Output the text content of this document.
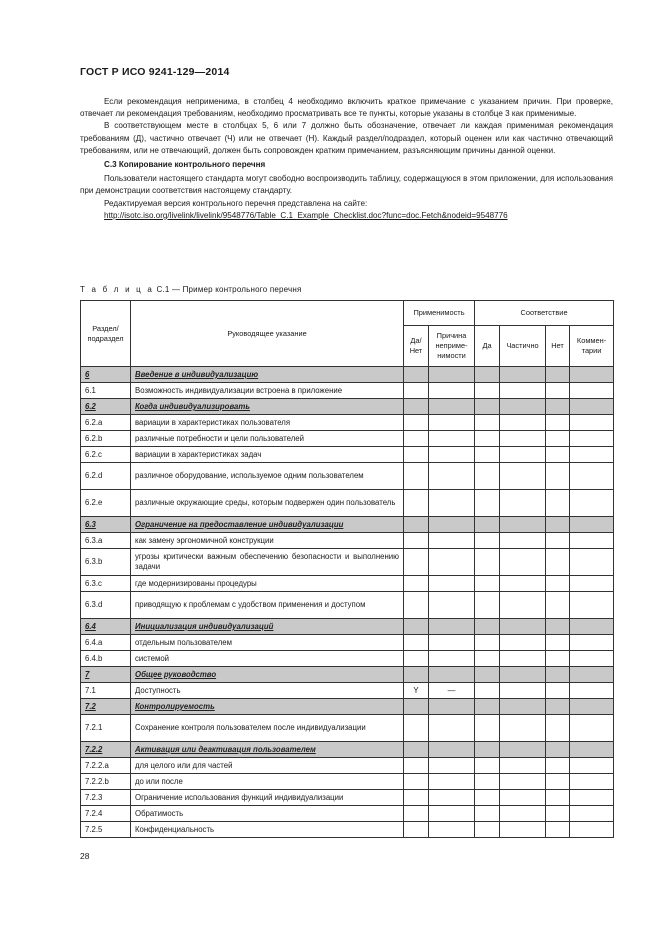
ГОСТ Р ИСО 9241-129—2014

Если рекомендация неприменима, в столбец 4 необходимо включить краткое примечание с указанием причин. При проверке, отвечает ли рекомендация требованиям, необходимо просматривать все те пункты, которые указаны в столбце 3 как применимые.

В соответствующем месте в столбцах 5, 6 или 7 должно быть обозначение, отвечает ли каждая применимая рекомендация требованиям (Д), частично отвечает (Ч) или не отвечает (Н). Каждый раздел/подраздел, который оценен или как частично отвечающий требованиям, или не отвечающий, должен быть сопровожден кратким примечанием, разъясняющим причины данной оценки.

С.3 Копирование контрольного перечня

Пользователи настоящего стандарта могут свободно воспроизводить таблицу, содержащуюся в этом приложении, для использования при демонстрации соответствия настоящему стандарту.

Редактируемая версия контрольного перечня представлена на сайте:

http://isotc.iso.org/livelink/livelink/9548776/Table_C.1_Example_Checklist.doc?func=doc.Fetch&nodeid=9548776

Т а б л и ц а С.1 — Пример контрольного перечня
Раздел/ подраздел	Руководящее указание	Применимость		Соответствие			
		Да/ Нет	Причина неприме-нимости	Да	Частично	Нет	Коммен-тарии
6	Введение в индивидуализацию						
6.1	Возможность индивидуализации встроена в приложение						
6.2	Когда индивидуализировать						
6.2.a	вариации в характеристиках пользователя						
6.2.b	различные потребности и цели пользователей						
6.2.c	вариации в характеристиках задач						
6.2.d	различное оборудование, используемое одним пользователем						
6.2.e	различные окружающие среды, которым подвержен один пользователь						
6.3	Ограничение на предоставление индивидуализации						
6.3.a	как замену эргономичной конструкции						
6.3.b	угрозы критически важным обеспечению безопасности и выполнению задачи						
6.3.c	где модернизированы процедуры						
6.3.d	приводящую к проблемам с удобством применения и доступом						
6.4	Инициализация индивидуализаций						
6.4.a	отдельным пользователем						
6.4.b	системой						
7	Общее руководство						
7.1	Доступность	Y	—				
7.2	Контролируемость						
7.2.1	Сохранение контроля пользователем после индивидуализации						
7.2.2	Активация или деактивация пользователем						
7.2.2.a	для целого или для частей						
7.2.2.b	до или после						
7.2.3	Ограничение использования функций индивидуализации						
7.2.4	Обратимость						
7.2.5	Конфиденциальность						
28
